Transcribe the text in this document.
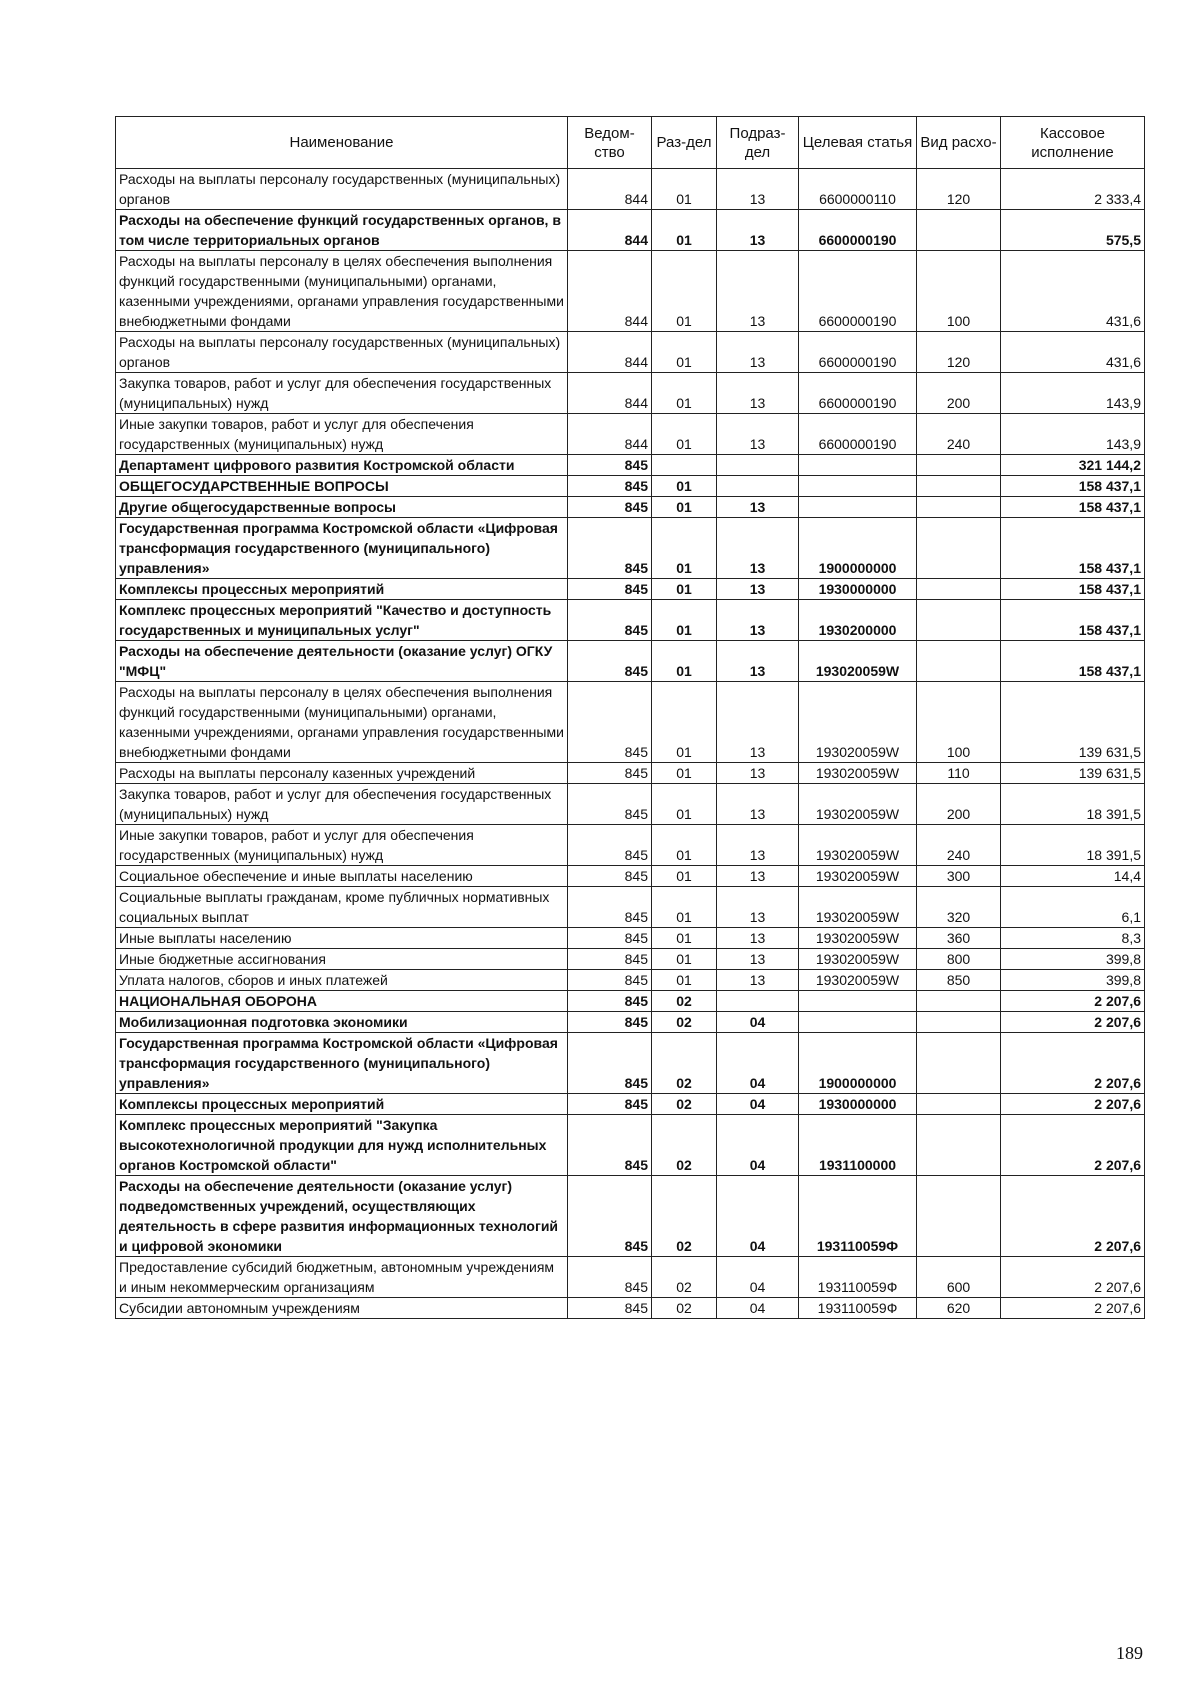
Наименование	Ведом-ство	Раз-дел	Подраз-дел	Целевая статья	Вид расхо-	Кассовое исполнение
Расходы на выплаты персоналу государственных (муниципальных) органов	844	01	13	6600000110	120	2 333,4
Расходы на обеспечение функций государственных органов, в том числе территориальных органов	844	01	13	6600000190		575,5
Расходы на выплаты персоналу в целях обеспечения выполнения функций государственными (муниципальными) органами, казенными учреждениями, органами управления государственными внебюджетными фондами	844	01	13	6600000190	100	431,6
Расходы на выплаты персоналу государственных (муниципальных) органов	844	01	13	6600000190	120	431,6
Закупка товаров, работ и услуг для обеспечения государственных (муниципальных) нужд	844	01	13	6600000190	200	143,9
Иные закупки товаров, работ и услуг для обеспечения государственных (муниципальных) нужд	844	01	13	6600000190	240	143,9
Департамент цифрового развития Костромской области	845					321 144,2
ОБЩЕГОСУДАРСТВЕННЫЕ ВОПРОСЫ	845	01				158 437,1
Другие общегосударственные вопросы	845	01	13			158 437,1
Государственная программа Костромской области «Цифровая трансформация государственного (муниципального) управления»	845	01	13	1900000000		158 437,1
Комплексы процессных мероприятий	845	01	13	1930000000		158 437,1
Комплекс процессных мероприятий "Качество и доступность государственных и муниципальных услуг"	845	01	13	1930200000		158 437,1
Расходы на обеспечение деятельности (оказание услуг) ОГКУ "МФЦ"	845	01	13	193020059W		158 437,1
Расходы на выплаты персоналу в целях обеспечения выполнения функций государственными (муниципальными) органами, казенными учреждениями, органами управления государственными внебюджетными фондами	845	01	13	193020059W	100	139 631,5
Расходы на выплаты персоналу казенных учреждений	845	01	13	193020059W	110	139 631,5
Закупка товаров, работ и услуг для обеспечения государственных (муниципальных) нужд	845	01	13	193020059W	200	18 391,5
Иные закупки товаров, работ и услуг для обеспечения государственных (муниципальных) нужд	845	01	13	193020059W	240	18 391,5
Социальное обеспечение и иные выплаты населению	845	01	13	193020059W	300	14,4
Социальные выплаты гражданам, кроме публичных нормативных социальных выплат	845	01	13	193020059W	320	6,1
Иные выплаты населению	845	01	13	193020059W	360	8,3
Иные бюджетные ассигнования	845	01	13	193020059W	800	399,8
Уплата налогов, сборов и иных платежей	845	01	13	193020059W	850	399,8
НАЦИОНАЛЬНАЯ ОБОРОНА	845	02				2 207,6
Мобилизационная подготовка экономики	845	02	04			2 207,6
Государственная программа Костромской области «Цифровая трансформация государственного (муниципального) управления»	845	02	04	1900000000		2 207,6
Комплексы процессных мероприятий	845	02	04	1930000000		2 207,6
Комплекс процессных мероприятий "Закупка высокотехнологичной продукции для нужд исполнительных органов Костромской области"	845	02	04	1931100000		2 207,6
Расходы на обеспечение деятельности (оказание услуг) подведомственных учреждений, осуществляющих деятельность в сфере развития информационных технологий и цифровой экономики	845	02	04	193110059Ф		2 207,6
Предоставление субсидий бюджетным, автономным учреждениям и иным некоммерческим организациям	845	02	04	193110059Ф	600	2 207,6
Субсидии автономным учреждениям	845	02	04	193110059Ф	620	2 207,6
189
